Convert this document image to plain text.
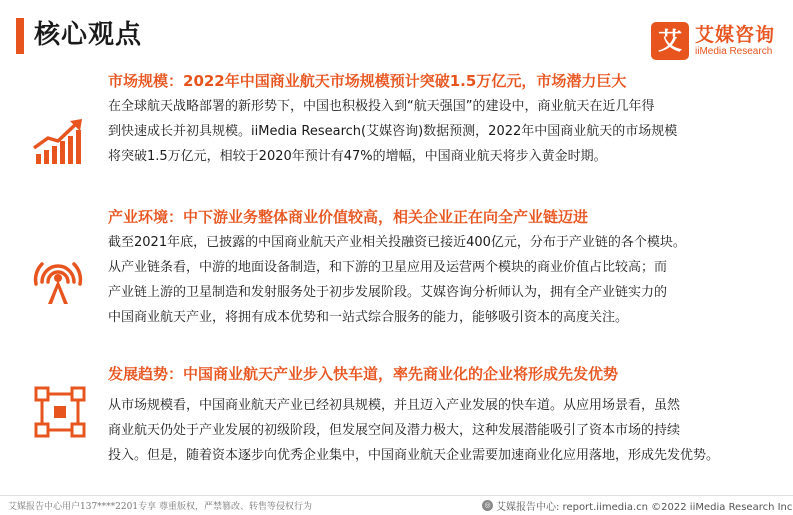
核心观点	艾 艾媒咨询
iiMedia Research
市场规模：2022年中国商业航天市场规模预计突破1.5万亿元，市场潜力巨大
在全球航天战略部署的新形势下，中国也积极投入到“航天强国”的建设中，商业航天在近几年得
到快速成长并初具规模。iiMedia Research(艾媒咨询)数据预测，2022年中国商业航天的市场规模
将突破1.5万亿元，相较于2020年预计有47%的增幅，中国商业航天将步入黄金时期。
产业环境：中下游业务整体商业价值较高，相关企业正在向全产业链迈进
截至2021年底，已披露的中国商业航天产业相关投融资已接近400亿元，分布于产业链的各个模块。
从产业链条看，中游的地面设备制造，和下游的卫星应用及运营两个模块的商业价值占比较高；而
产业链上游的卫星制造和发射服务处于初步发展阶段。艾媒咨询分析师认为，拥有全产业链实力的
中国商业航天产业，将拥有成本优势和一站式综合服务的能力，能够吸引资本的高度关注。
发展趋势：中国商业航天产业步入快车道，率先商业化的企业将形成先发优势
从市场规模看，中国商业航天产业已经初具规模，并且迈入产业发展的快车道。从应用场景看，虽然
商业航天仍处于产业发展的初级阶段，但发展空间及潜力极大，这种发展潜能吸引了资本市场的持续
投入。但是，随着资本逐步向优秀企业集中，中国商业航天企业需要加速商业化应用落地，形成先发优势。
艾媒报告中心用户137****2201专享 尊重版权，严禁篡改、转售等侵权行为	◎ 艾媒报告中心: report.iimedia.cn ©2022 iiMedia Research Inc
